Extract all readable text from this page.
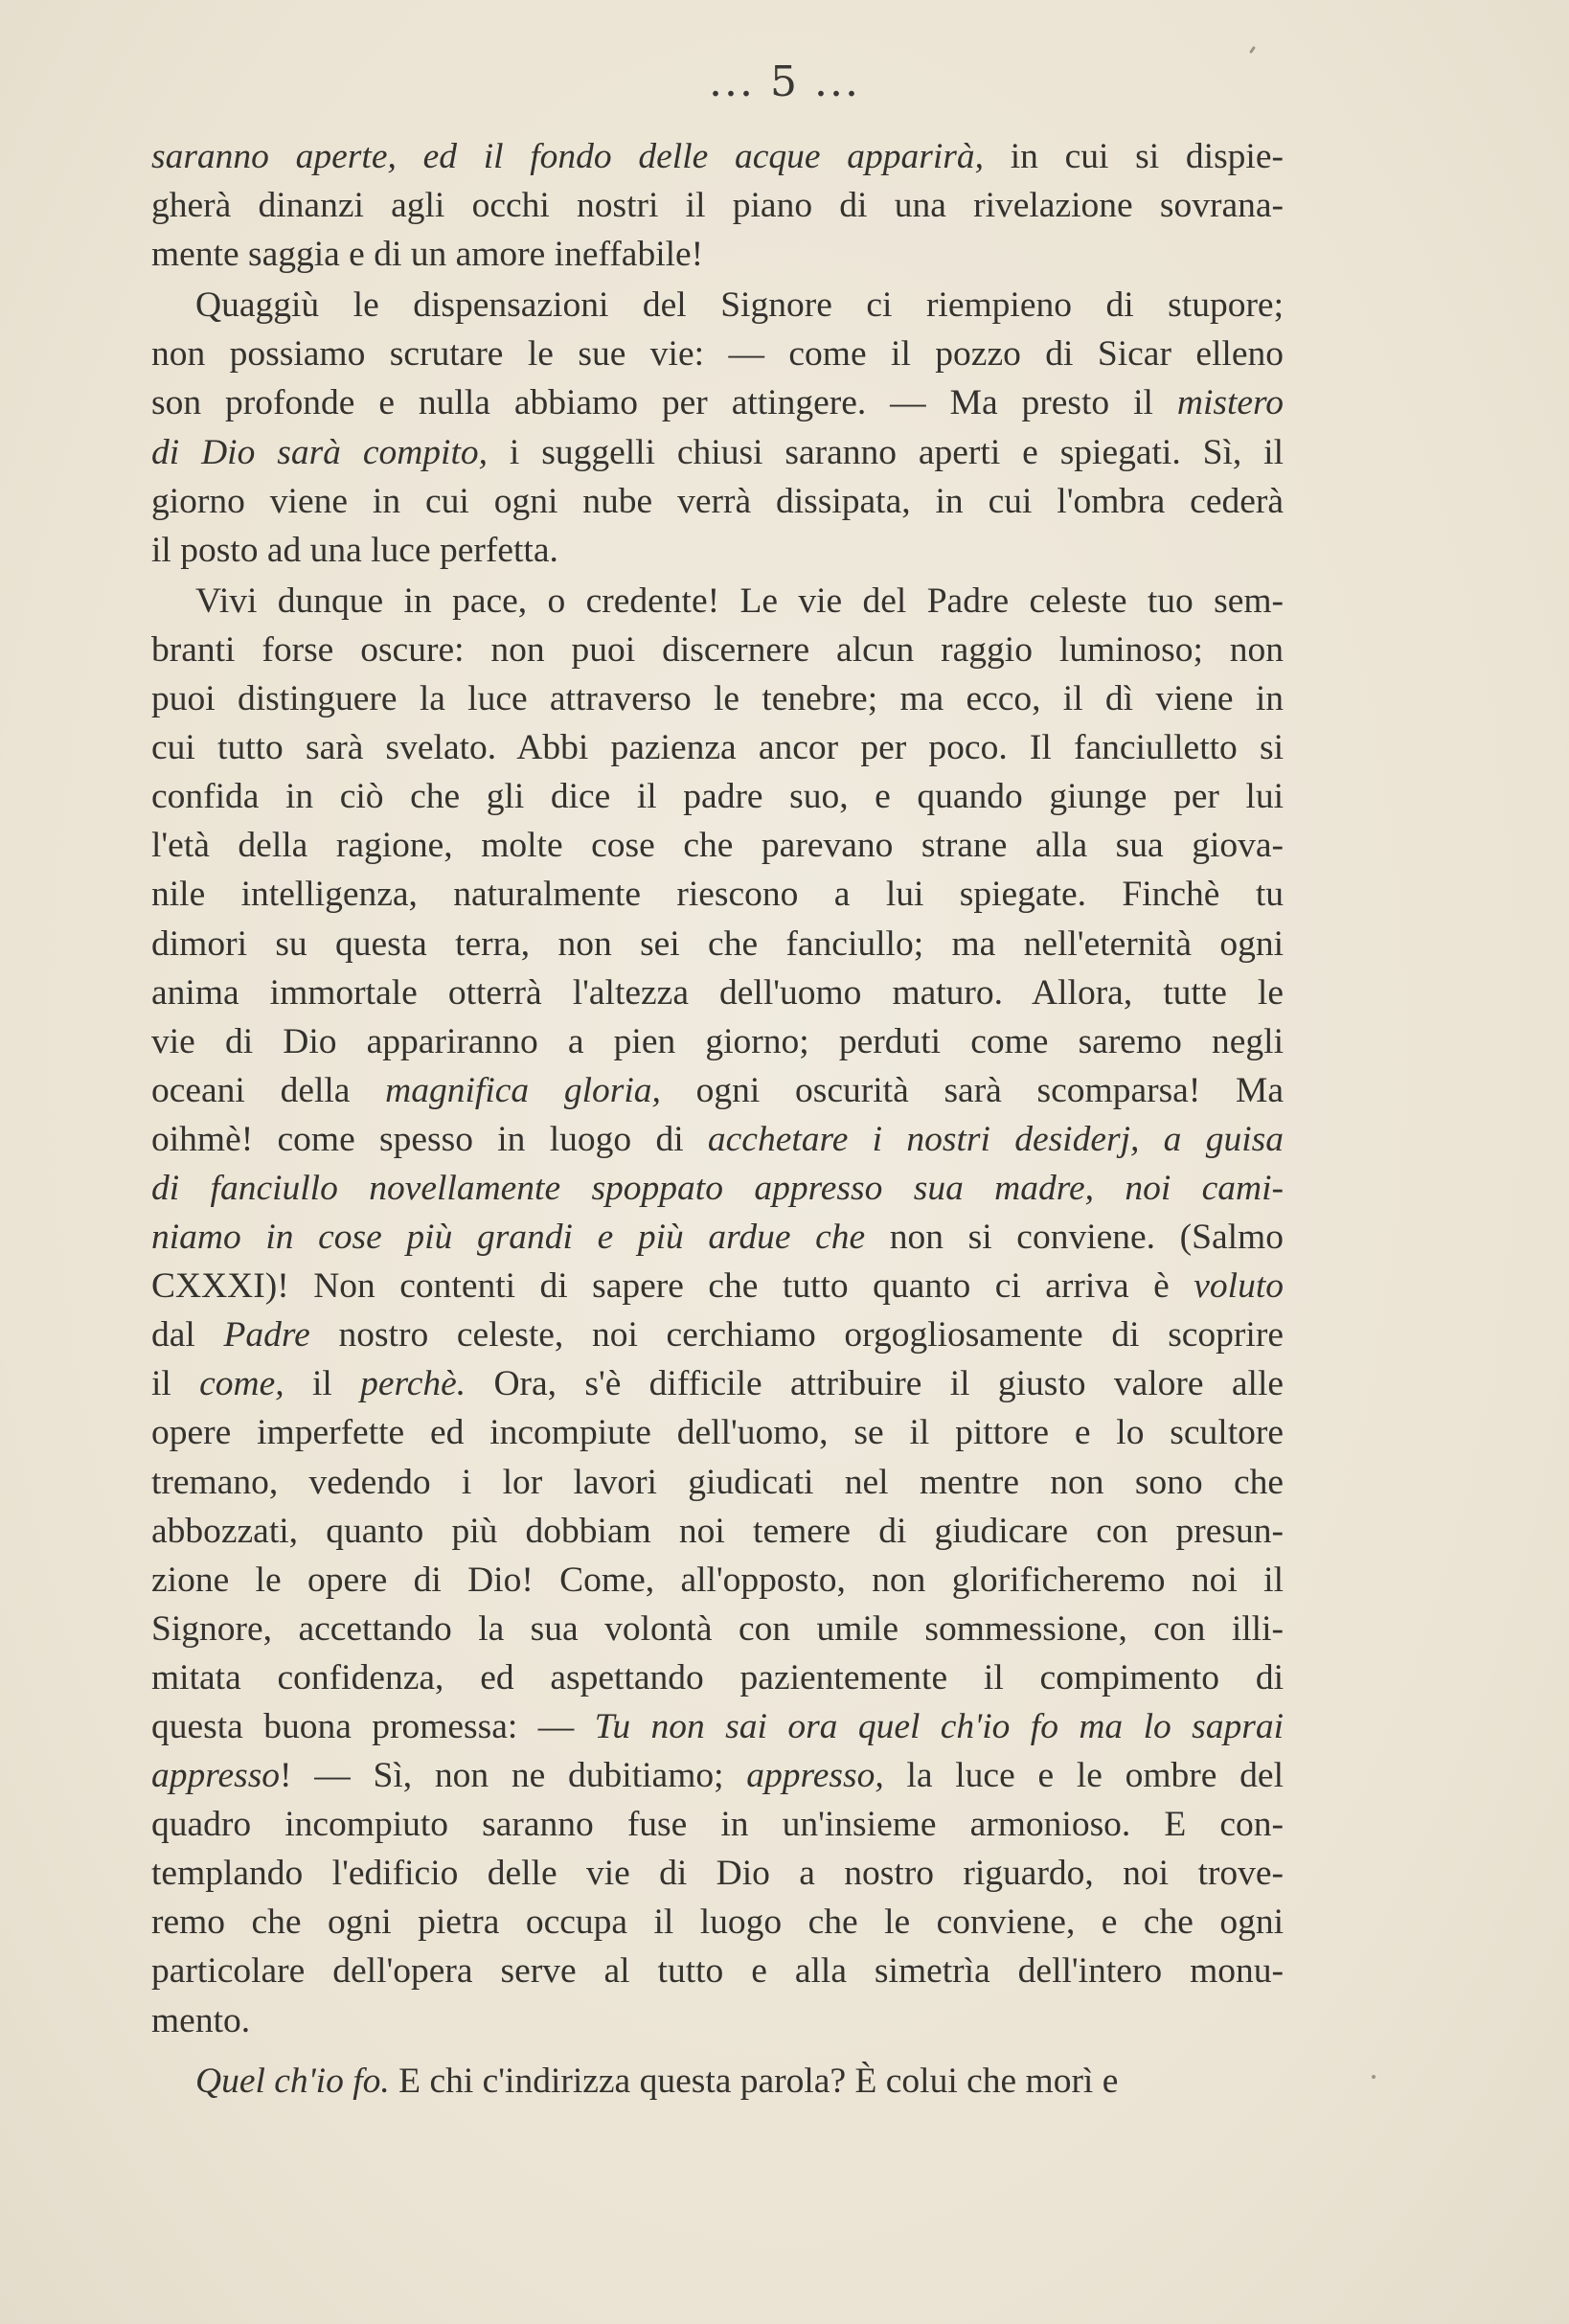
... 5 ...
saranno aperte, ed il fondo delle acque apparirà, in cui si dispie-
gherà dinanzi agli occhi nostri il piano di una rivelazione sovrana-
mente saggia e di un amore ineffabile!
Quaggiù le dispensazioni del Signore ci riempieno di stupore;
non possiamo scrutare le sue vie: — come il pozzo di Sicar elleno
son profonde e nulla abbiamo per attingere. — Ma presto il mistero
di Dio sarà compito, i suggelli chiusi saranno aperti e spiegati. Sì, il
giorno viene in cui ogni nube verrà dissipata, in cui l'ombra cederà
il posto ad una luce perfetta.
Vivi dunque in pace, o credente! Le vie del Padre celeste tuo sem-
branti forse oscure: non puoi discernere alcun raggio luminoso; non
puoi distinguere la luce attraverso le tenebre; ma ecco, il dì viene in
cui tutto sarà svelato. Abbi pazienza ancor per poco. Il fanciulletto si
confida in ciò che gli dice il padre suo, e quando giunge per lui
l'età della ragione, molte cose che parevano strane alla sua giova-
nile intelligenza, naturalmente riescono a lui spiegate. Finchè tu
dimori su questa terra, non sei che fanciullo; ma nell'eternità ogni
anima immortale otterrà l'altezza dell'uomo maturo. Allora, tutte le
vie di Dio appariranno a pien giorno; perduti come saremo negli
oceani della magnifica gloria, ogni oscurità sarà scomparsa! Ma
oihmè! come spesso in luogo di acchetare i nostri desiderj, a guisa
di fanciullo novellamente spoppato appresso sua madre, noi cami-
niamo in cose più grandi e più ardue che non si conviene. (Salmo
CXXXI)! Non contenti di sapere che tutto quanto ci arriva è voluto
dal Padre nostro celeste, noi cerchiamo orgogliosamente di scoprire
il come, il perchè. Ora, s'è difficile attribuire il giusto valore alle
opere imperfette ed incompiute dell'uomo, se il pittore e lo scultore
tremano, vedendo i lor lavori giudicati nel mentre non sono che
abbozzati, quanto più dobbiam noi temere di giudicare con presun-
zione le opere di Dio! Come, all'opposto, non glorificheremo noi il
Signore, accettando la sua volontà con umile sommessione, con illi-
mitata confidenza, ed aspettando pazientemente il compimento di
questa buona promessa: — Tu non sai ora quel ch'io fo ma lo saprai
appresso! — Sì, non ne dubitiamo; appresso, la luce e le ombre del
quadro incompiuto saranno fuse in un'insieme armonioso. E con-
templando l'edificio delle vie di Dio a nostro riguardo, noi trove-
remo che ogni pietra occupa il luogo che le conviene, e che ogni
particolare dell'opera serve al tutto e alla simetrìa dell'intero monu-
mento.
Quel ch'io fo. E chi c'indirizza questa parola? È colui che morì e
